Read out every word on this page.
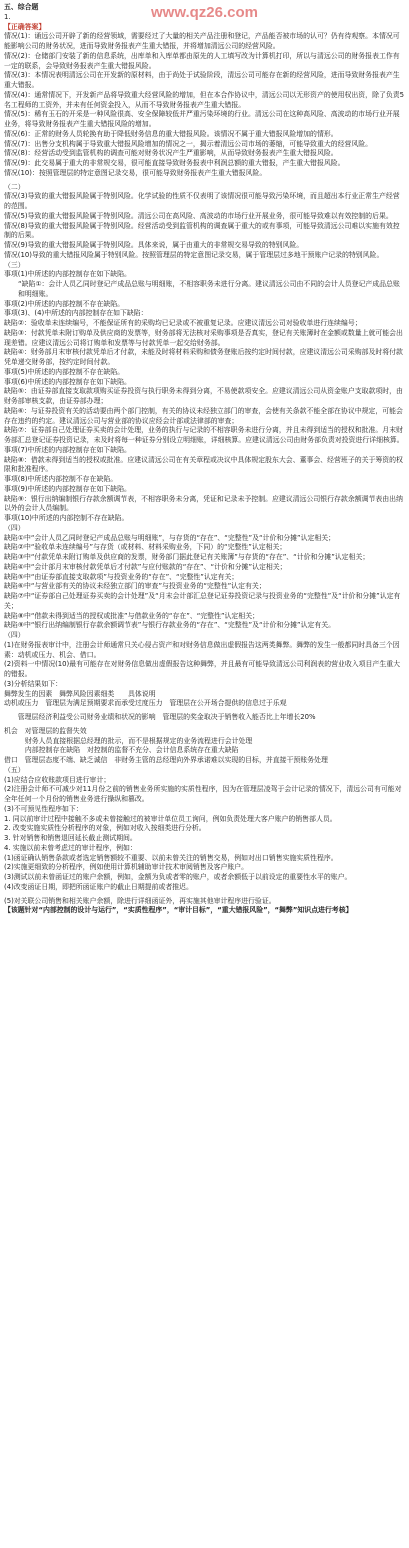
www.qz26.com

五、综合题

1.

【正确答案】

情况(1)：诵远公司开辟了新的经营领域，需要经过了大量的相关产品注册和登记，产品能否被市场的认可？仍有待观察。本情况可能影响公司的财务状况，进而导致财务报表产生重大错报，并将增加清远公司的经营风险。

情况(2)：仓储部门安装了新的信息系统，出库单和入库单都由原先的人工填写改为计算机打印，所以与清远公司的财务报表工作有一定的联系，会导致财务报表产生重大错报风险。

情况(3)：本情况表明清远公司在开发新的原材料，由于尚处于试验阶段，清远公司可能存在新的经营风险，进而导致财务报表产生重大错报。

情况(4)：通常情况下，开发新产品将导致重大经营风险的增加，但在本合作协议中，清远公司以无形资产的使用权出资，除了负责5名工程师的工资外，并未有任何资金投入，从而不导致财务报表产生重大错报。

情况(5)：稀有玉石的开采是一种风险很高、安全保障较低并严重污染环境的行业。清远公司在这种高风险、高波动的市场行业开展业务，将导致财务报表产生重大错报风险的增加。

情况(6)：正常的财务人员轮换有助于降低财务信息的重大错报风险。该情况不属于重大错报风险增加的情形。

情况(7)：出售分支机构属于导致重大错报风险增加的情况之一，揭示着清远公司市场的萎缩，可能导致重大的经营风险。

情况(8)：经营活动受到监管机构的调查可能对财务状况产生严重影响，从而导致财务报表产生重大错报风险。

情况(9)：此交易属于重大的非常规交易，很可能直接导致财务报表中利润总额的重大错报，产生重大错报风险。

情况(10)：按照管理层的特定意图记录交易，很可能导致财务报表产生重大错报风险。

（二）

情况(3)导致的重大错报风险属于特别风险。化学试验的性质不仅表明了该情况很可能导致污染环境，而且超出本行业正常生产经营的范围。

情况(5)导致的重大错报风险属于特别风险。清远公司在高风险、高波动的市场行业开展业务，很可能导致难以有效控制的后果。

情况(8)导致的重大错报风险属于特别风险。经营活动受到监管机构的调查属于重大的或有事项，可能导致清远公司难以实施有效控制的后果。

情况(9)导致的重大错报风险属于特别风险。具体来说，属于由重大的非常规交易导致的特别风险。

情况(10)导致的重大错报风险属于特别风险。按照管理层的特定意图记录交易，属于管理层过多地干预账户记录的特别风险。

（三）

事项(1)中所述的内部控制存在如下缺陷。

“缺陷①：会计人员乙同时登记产成品总账与明细账，不相容职务未进行分离。建议清远公司由不同的会计人员登记产成品总账和明细账。

事项(2)中所述的内部控制不存在缺陷。

事项(3)、(4)中所述的内部控制存在如下缺陷：

缺陷②：验收单未连续编号，不能保证所有的采购均已记录或不被重复记录。应建议清远公司对验收单进行连续编号；

缺陷③：付款凭单未附订购单及供应商的发票等，财务部将无法核对采购事项是否真实，登记有关账簿时在金额或数量上就可能会出现差错。应建议清远公司将订购单和发票等与付款凭单一起交给财务部。

缺陷④：财务部月末审核付款凭单后才付款，未能及时将材料采购和债务登账后按约定时间付款，应建议清远公司采购部及时将付款凭单递交财务部，按约定时间付款。

事项(5)中所述的内部控制不存在缺陷。

事项(6)中所述的内部控制存在如下缺陷。

缺陷⑤：由证券部直接支取款项购买证券投资与执行职务未得到分离，不易使款项安全。应建议清远公司从资金账户支取款项时，由财务部审核支款，由证券部办理；

缺陷⑥：与证券投资有关的活动要由两个部门控制，有关的协议未经独立部门的审查，会使有关条款不能全部在协议中规定，可能会存在违约的约定。建议清远公司与营业部的协议应经会计部或法律部的审查；

缺陷⑦：证券部自己处理证券买卖的会计处理，业务的执行与记录的不相容职务未进行分离，并且未得到适当的授权和批准。月末财务部汇总登记证券投资记录，未及时将每一种证券分别设立明细账，详细核算。应建议清远公司由财务部负责对投资进行详细核算。

事项(7)中所述的内部控制存在如下缺陷。

缺陷⑧：借款未得到适当的授权或批准。应建议清远公司在有关章程或决议中具体规定股东大会、董事会、经营班子的关于筹资的权限和批准程序。

事项(8)中所述内部控制不存在缺陷。

事项(9)中所述的内部控制存在如下缺陷。

缺陷⑨：银行出纳编制银行存款余额调节表，不相容职务未分离，凭证和记录未予控制。应建议清远公司银行存款余额调节表由出纳以外的会计人员编制。

事项(10)中所述的内部控制不存在缺陷。

（四）

缺陷①中“会计人员乙同时登记产成品总账与明细账”，与存货的“存在”、“完整性”及“计价和分摊”认定相关；

缺陷②中“验收单未连续编号”与存货（或材料、材料采购业务，下同）的“完整性”认定相关；

缺陷③中“付款凭单未附订购单及供应商的发票，财务部门据此登记有关账簿”与存货的“存在”、“计价和分摊”认定相关；

缺陷④中“会计部月末审核付款凭单后才付款”与应付账款的“存在”、“计价和分摊”认定相关；

缺陷⑤中“由证券部直接支取款项”与投资业务的“存在”、“完整性”认定有关；

缺陷⑥中“与营业部有关的协议未经独立部门的审查”与投资业务的“完整性”认定有关；

缺陷⑦中“证券部自己处理证券买卖的会计处理”及“月末会计部汇总登记证券投资记录与投资业务的“完整性”及“计价和分摊”认定有关；

缺陷⑧中“借款未得到适当的授权或批准”与借款业务的“存在”、“完整性”认定相关；

缺陷⑨中“银行出纳编制银行存款余额调节表”与银行存款业务的“存在”、“完整性”及“计价和分摊”认定有关。

（四）

(1)在财务报表审计中，注册会计师通常只关心侵占资产和对财务信息做出虚假报告这两类舞弊。舞弊的发生一般都同时具备三个因素：动机或压力、机会、借口。

(2)资料一中情况(10)最有可能存在对财务信息做出虚假报告这种舞弊，并且最有可能导致清远公司利润表的营业收入项目产生重大的错报。

(3)分析结果如下：

舞弊发生的因素　舞弊风险因素细类　　具体说明

动机或压力　管理层为满足预期要求而承受过度压力　管理层在公开场合提供的信息过于乐观

　　管理层经济利益受公司财务业绩和状况的影响　管理层的奖金取决于销售收入能否比上年增长20%

机会　对管理层的监督失效

　财务人员直接根据总经理的批示，而不是根据规定的业务流程进行会计处理

　内部控制存在缺陷　对控制的监督不充分、会计信息系统存在重大缺陷

借口　管理层态度不端、缺乏诚信　非财务主管的总经理向外界承诺难以实现的目标，并直接干预账务处理

（五）

(1)应结合应收账款项目进行审计；

(2)注册会计师不可减少对11月份之前的销售业务所实施的实质性程序，因为在管理层凌驾于会计记录的情况下，清远公司有可能对全年任何一个月份的销售业务进行操纵和篡改。

(3)不可预见性程序如下：

1. 同以前审计过程中接触不多或未曾接触过的被审计单位员工询问，例如负责处理大客户账户的销售部人员。

2. 改变实施实质性分析程序的对象，例如对收入按细类进行分析。

3. 针对销售和销售退回延长截止测试期间。

4. 实施以前未曾考虑过的审计程序，例如：

(1)函证确认销售条款或者选定销售额较不重要、以前未曾关注的销售交易，例如对出口销售实施实质性程序。

(2)实施更细致的分析程序，例如使用计算机辅助审计技术审阅销售及客户账户。

(3)测试以前未曾函证过的账户余额，例如，金额为负或者零的账户，或者余额低于以前设定的重要性水平的账户。

(4)改变函证日期，即把所函证账户的截止日期提前或者推迟。

(5)对关联公司销售和相关账户余额，除进行详细函证外，再实施其他审计程序进行验证。

【该题针对“内部控制的设计与运行”，“实质性程序”，“审计目标”，“重大错报风险”，“舞弊”知识点进行考核】
